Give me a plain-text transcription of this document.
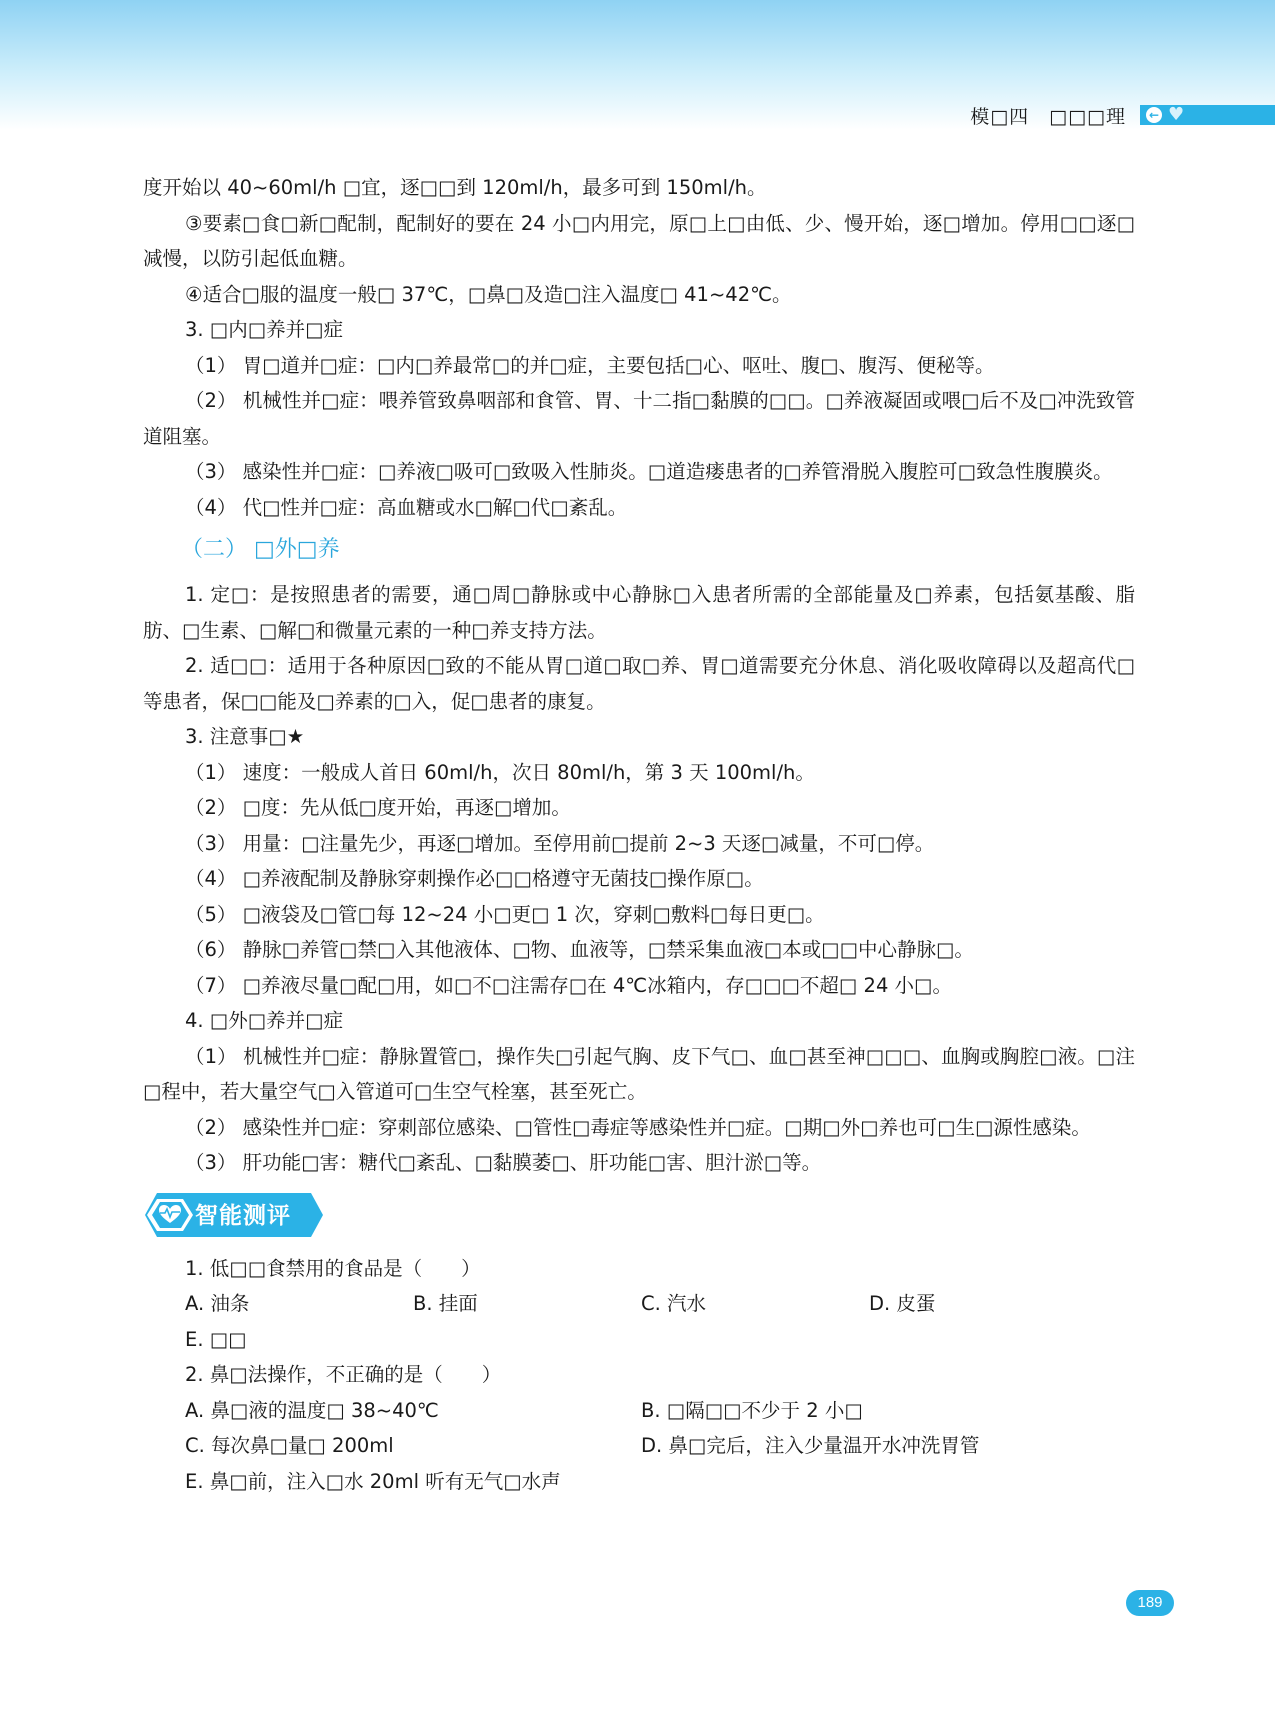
模□四　□□□理 ← ♥

度开始以 40~60ml/h □宜，逐□□到 120ml/h，最多可到 150ml/h。

③要素□食□新□配制，配制好的要在 24 小□内用完，原□上□由低、少、慢开始，逐□增加。停用□□逐□减慢，以防引起低血糖。

④适合□服的温度一般□ 37℃，□鼻□及造□注入温度□ 41~42℃。

3. □内□养并□症

（1） 胃□道并□症：□内□养最常□的并□症，主要包括□心、呕吐、腹□、腹泻、便秘等。

（2） 机械性并□症：喂养管致鼻咽部和食管、胃、十二指□黏膜的□□。□养液凝固或喂□后不及□冲洗致管道阻塞。

（3） 感染性并□症：□养液□吸可□致吸入性肺炎。□道造瘘患者的□养管滑脱入腹腔可□致急性腹膜炎。

（4） 代□性并□症：高血糖或水□解□代□紊乱。

（二） □外□养

1. 定□：是按照患者的需要，通□周□静脉或中心静脉□入患者所需的全部能量及□养素，包括氨基酸、脂肪、□生素、□解□和微量元素的一种□养支持方法。

2. 适□□：适用于各种原因□致的不能从胃□道□取□养、胃□道需要充分休息、消化吸收障碍以及超高代□等患者，保□□能及□养素的□入，促□患者的康复。

3. 注意事□★

（1） 速度：一般成人首日 60ml/h，次日 80ml/h，第 3 天 100ml/h。

（2） □度：先从低□度开始，再逐□增加。

（3） 用量：□注量先少，再逐□增加。至停用前□提前 2~3 天逐□减量，不可□停。

（4） □养液配制及静脉穿刺操作必□□格遵守无菌技□操作原□。

（5） □液袋及□管□每 12~24 小□更□ 1 次，穿刺□敷料□每日更□。

（6） 静脉□养管□禁□入其他液体、□物、血液等，□禁采集血液□本或□□中心静脉□。

（7） □养液尽量□配□用，如□不□注需存□在 4℃冰箱内，存□□□不超□ 24 小□。

4. □外□养并□症

（1） 机械性并□症：静脉置管□，操作失□引起气胸、皮下气□、血□甚至神□□□、血胸或胸腔□液。□注□程中，若大量空气□入管道可□生空气栓塞，甚至死亡。

（2） 感染性并□症：穿刺部位感染、□管性□毒症等感染性并□症。□期□外□养也可□生□源性感染。

（3） 肝功能□害：糖代□紊乱、□黏膜萎□、肝功能□害、胆汁淤□等。

智能测评

1. 低□□食禁用的食品是（　　）

A. 油条	B. 挂面	C. 汽水	D. 皮蛋
E. □□

2. 鼻□法操作，不正确的是（　　）

A. 鼻□液的温度□ 38~40℃	B. □隔□□不少于 2 小□
C. 每次鼻□量□ 200ml	D. 鼻□完后，注入少量温开水冲洗胃管
E. 鼻□前，注入□水 20ml 听有无气□水声
189
